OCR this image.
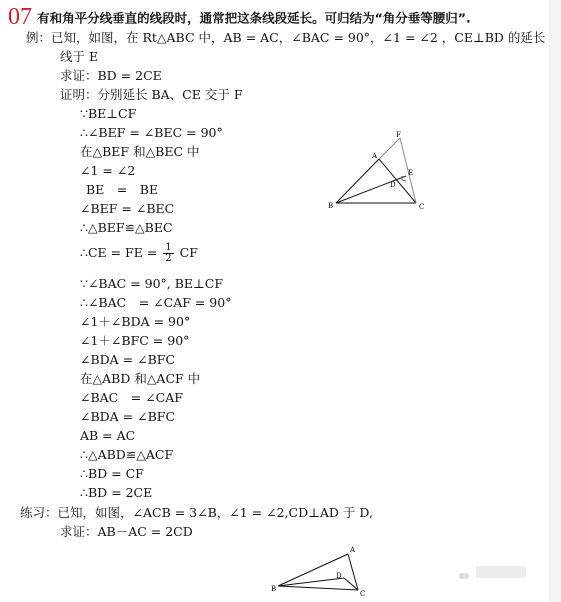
07 有和角平分线垂直的线段时，通常把这条线段延长。可归结为“角分垂等腰归”.
例：已知，如图，在 Rt△ABC 中，AB = AC，∠BAC = 90°，∠1 = ∠2 ，CE⊥BD 的延长
线于 E
求证：BD = 2CE
证明：分别延长 BA、CE 交于 F
∵BE⊥CF
∴∠BEF = ∠BEC = 90°
在△BEF 和△BEC 中
∠1 = ∠2
BE　=　BE
∠BEF = ∠BEC
∴△BEF≌△BEC
∴CE = FE = $\frac{1}{2}$ CF
∵∠BAC = 90°, BE⊥CF
∴∠BAC　= ∠CAF = 90°
∠1＋∠BDA = 90°
∠1＋∠BFC = 90°
∠BDA = ∠BFC
在△ABD 和△ACF 中
∠BAC　= ∠CAF
∠BDA = ∠BFC
AB = AC
∴△ABD≌△ACF
∴BD = CF
∴BD = 2CE
练习：已知，如图，∠ACB = 3∠B，∠1 = ∠2,CD⊥AD 于 D,
求证：AB－AC = 2CD
A
B	C
D
E
F
A
B
C
D
